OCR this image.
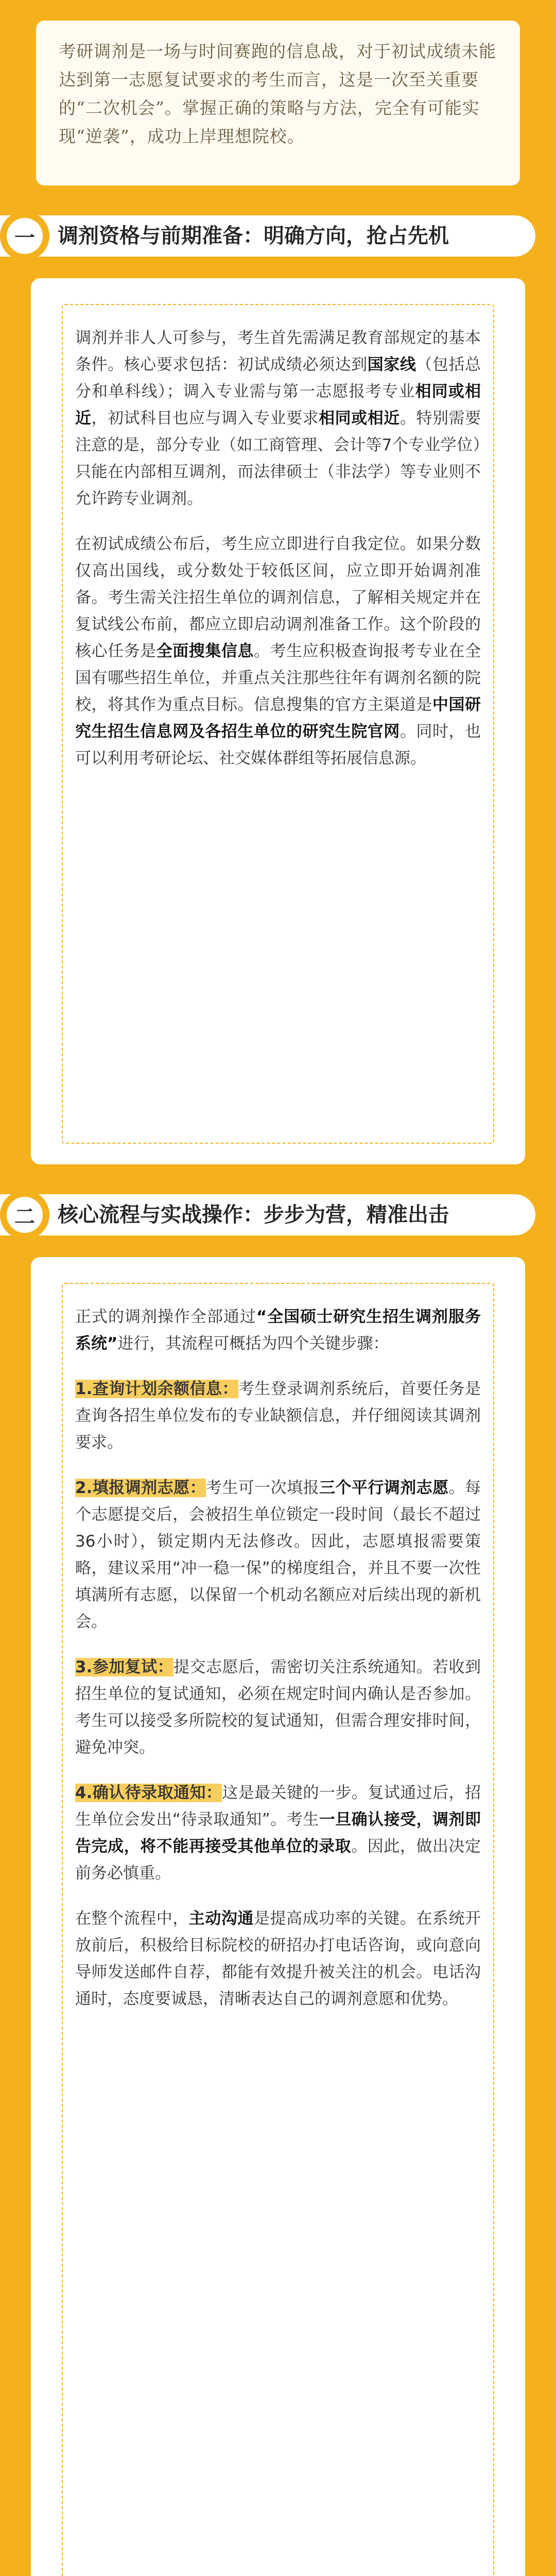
考研调剂是一场与时间赛跑的信息战，对于初试成绩未能达到第一志愿复试要求的考生而言，这是一次至关重要的“二次机会”。掌握正确的策略与方法，完全有可能实现“逆袭”，成功上岸理想院校。

一	调剂资格与前期准备：明确方向，抢占先机

调剂并非人人可参与，考生首先需满足教育部规定的基本条件。核心要求包括：初试成绩必须达到国家线（包括总分和单科线）；调入专业需与第一志愿报考专业相同或相近，初试科目也应与调入专业要求相同或相近。特别需要注意的是，部分专业（如工商管理、会计等7个专业学位）只能在内部相互调剂，而法律硕士（非法学）等专业则不允许跨专业调剂。

在初试成绩公布后，考生应立即进行自我定位。如果分数仅高出国线，或分数处于较低区间，应立即开始调剂准备。考生需关注招生单位的调剂信息，了解相关规定并在复试线公布前，都应立即启动调剂准备工作。这个阶段的核心任务是全面搜集信息。考生应积极查询报考专业在全国有哪些招生单位，并重点关注那些往年有调剂名额的院校，将其作为重点目标。信息搜集的官方主渠道是中国研究生招生信息网及各招生单位的研究生院官网。同时，也可以利用考研论坛、社交媒体群组等拓展信息源。

二	核心流程与实战操作：步步为营，精准出击

正式的调剂操作全部通过“全国硕士研究生招生调剂服务系统”进行，其流程可概括为四个关键步骤：

1.查询计划余额信息：考生登录调剂系统后，首要任务是查询各招生单位发布的专业缺额信息，并仔细阅读其调剂要求。

2.填报调剂志愿：考生可一次填报三个平行调剂志愿。每个志愿提交后，会被招生单位锁定一段时间（最长不超过36小时），锁定期内无法修改。因此，志愿填报需要策略，建议采用“冲一稳一保”的梯度组合，并且不要一次性填满所有志愿，以保留一个机动名额应对后续出现的新机会。

3.参加复试：提交志愿后，需密切关注系统通知。若收到招生单位的复试通知，必须在规定时间内确认是否参加。考生可以接受多所院校的复试通知，但需合理安排时间，避免冲突。

4.确认待录取通知：这是最关键的一步。复试通过后，招生单位会发出“待录取通知”。考生一旦确认接受，调剂即告完成，将不能再接受其他单位的录取。因此，做出决定前务必慎重。

在整个流程中，主动沟通是提高成功率的关键。在系统开放前后，积极给目标院校的研招办打电话咨询，或向意向导师发送邮件自荐，都能有效提升被关注的机会。电话沟通时，态度要诚恳，清晰表达自己的调剂意愿和优势。
